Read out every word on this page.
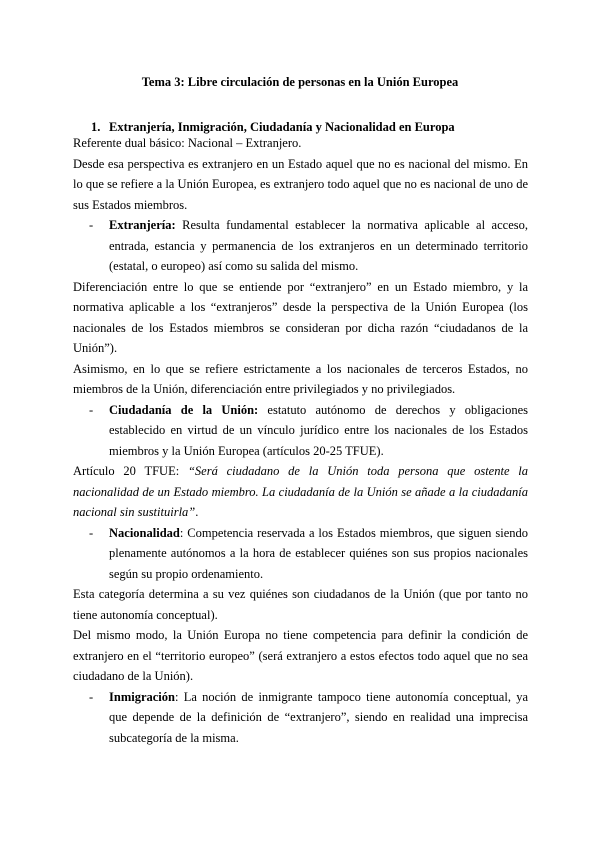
Tema 3: Libre circulación de personas en la Unión Europea
1. Extranjería, Inmigración, Ciudadanía y Nacionalidad en Europa

Referente dual básico: Nacional – Extranjero.

Desde esa perspectiva es extranjero en un Estado aquel que no es nacional del mismo. En lo que se refiere a la Unión Europea, es extranjero todo aquel que no es nacional de uno de sus Estados miembros.

- Extranjería: Resulta fundamental establecer la normativa aplicable al acceso, entrada, estancia y permanencia de los extranjeros en un determinado territorio (estatal, o europeo) así como su salida del mismo.

Diferenciación entre lo que se entiende por “extranjero” en un Estado miembro, y la normativa aplicable a los “extranjeros” desde la perspectiva de la Unión Europea (los nacionales de los Estados miembros se consideran por dicha razón “ciudadanos de la Unión”).

Asimismo, en lo que se refiere estrictamente a los nacionales de terceros Estados, no miembros de la Unión, diferenciación entre privilegiados y no privilegiados.

- Ciudadanía de la Unión: estatuto autónomo de derechos y obligaciones establecido en virtud de un vínculo jurídico entre los nacionales de los Estados miembros y la Unión Europea (artículos 20-25 TFUE).

Artículo 20 TFUE: “Será ciudadano de la Unión toda persona que ostente la nacionalidad de un Estado miembro. La ciudadanía de la Unión se añade a la ciudadanía nacional sin sustituirla”.

- Nacionalidad: Competencia reservada a los Estados miembros, que siguen siendo plenamente autónomos a la hora de establecer quiénes son sus propios nacionales según su propio ordenamiento.

Esta categoría determina a su vez quiénes son ciudadanos de la Unión (que por tanto no tiene autonomía conceptual).

Del mismo modo, la Unión Europa no tiene competencia para definir la condición de extranjero en el “territorio europeo” (será extranjero a estos efectos todo aquel que no sea ciudadano de la Unión).

- Inmigración: La noción de inmigrante tampoco tiene autonomía conceptual, ya que depende de la definición de “extranjero”, siendo en realidad una imprecisa subcategoría de la misma.
